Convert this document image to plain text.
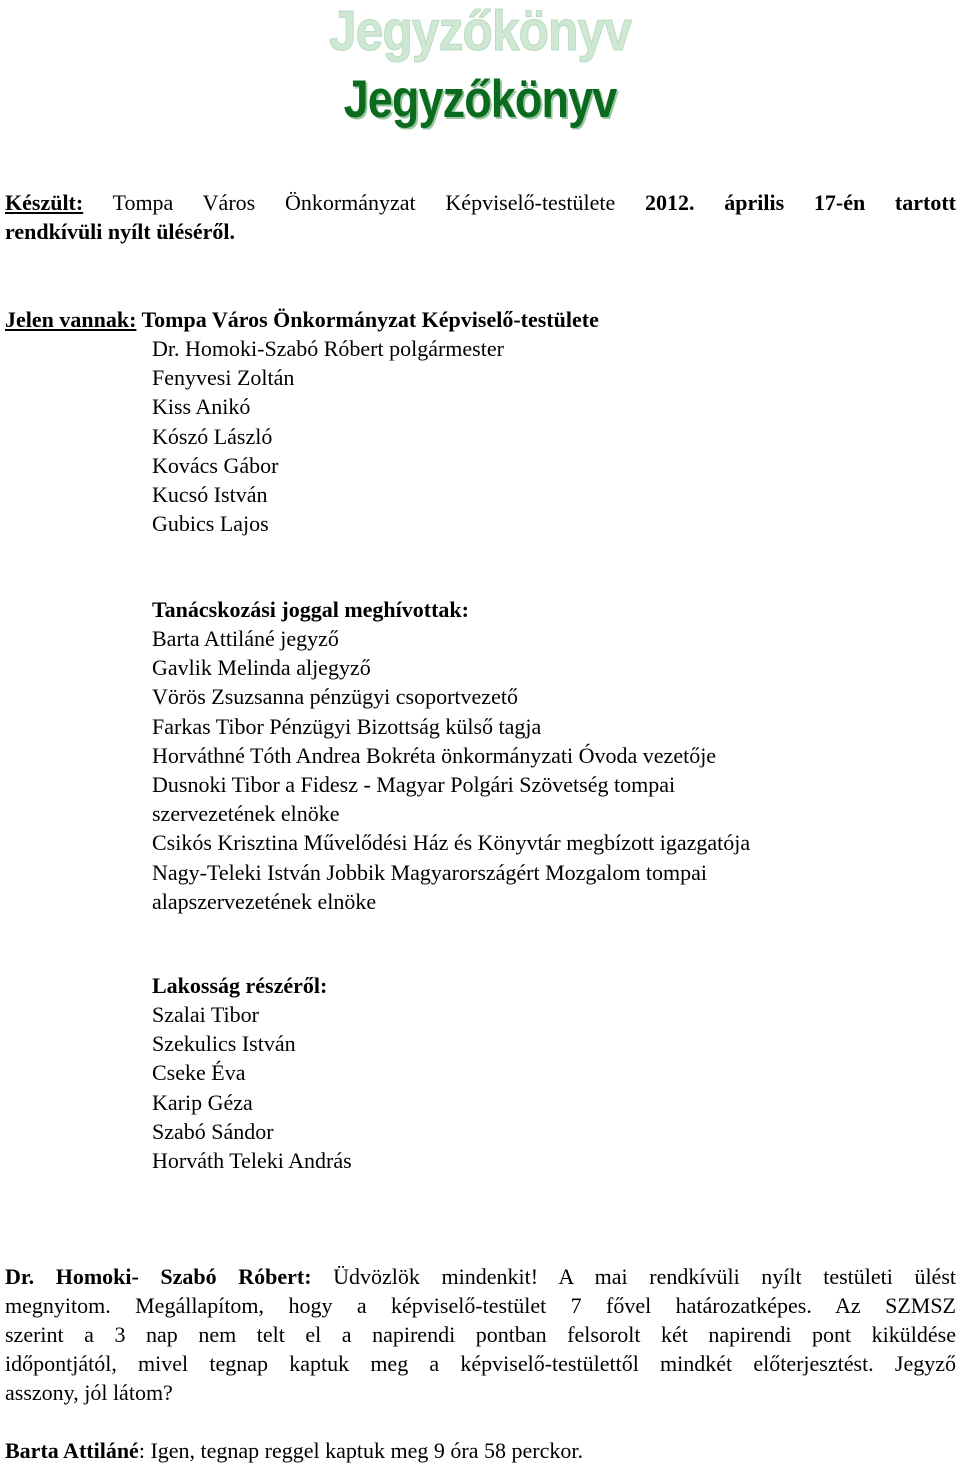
Jegyzőkönyv
Jegyzőkönyv
Készült: Tompa Város Önkormányzat Képviselő-testülete 2012. április 17-én tartott
rendkívüli nyílt üléséről.
Jelen vannak: Tompa Város Önkormányzat Képviselő-testülete
Dr. Homoki-Szabó Róbert polgármester
Fenyvesi Zoltán
Kiss Anikó
Kószó László
Kovács Gábor
Kucsó István
Gubics Lajos
Tanácskozási joggal meghívottak:
Barta Attiláné jegyző
Gavlik Melinda aljegyző
Vörös Zsuzsanna pénzügyi csoportvezető
Farkas Tibor Pénzügyi Bizottság külső tagja
Horváthné Tóth Andrea Bokréta önkormányzati Óvoda vezetője
Dusnoki Tibor a Fidesz - Magyar Polgári Szövetség tompai
szervezetének elnöke
Csikós Krisztina Művelődési Ház és Könyvtár megbízott igazgatója
Nagy-Teleki István Jobbik Magyarországért Mozgalom tompai
alapszervezetének elnöke
Lakosság részéről:
Szalai Tibor
Szekulics István
Cseke Éva
Karip Géza
Szabó Sándor
Horváth Teleki András
Dr. Homoki- Szabó Róbert: Üdvözlök mindenkit! A mai rendkívüli nyílt testületi ülést
megnyitom. Megállapítom, hogy a képviselő-testület 7 fővel határozatképes. Az SZMSZ
szerint a 3 nap nem telt el a napirendi pontban felsorolt két napirendi pont kiküldése
időpontjától, mivel tegnap kaptuk meg a képviselő-testülettől mindkét előterjesztést. Jegyző
asszony, jól látom?
Barta Attiláné: Igen, tegnap reggel kaptuk meg 9 óra 58 perckor.
